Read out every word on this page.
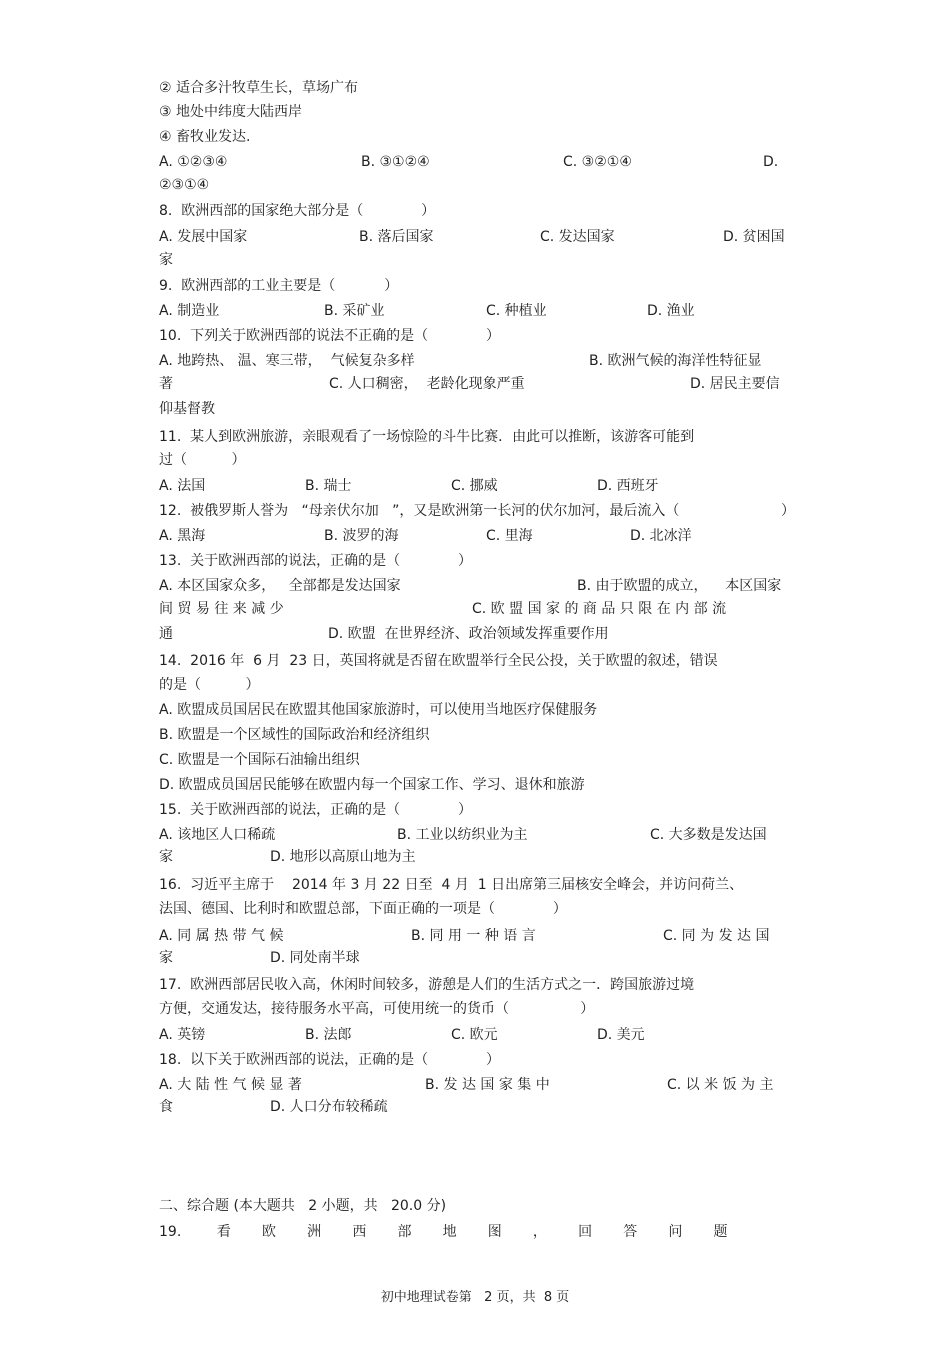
② 适合多汁牧草生长，草场广布
③ 地处中纬度大陆西岸
④ 畜牧业发达.

A. ①②③④

	B. ③①②④

	C. ③②①④

	D.

②③①④
8.  欧洲西部的国家绝大部分是（             ）

A. 发展中国家

	B. 落后国家

	C. 发达国家

	D. 贫困国

家
9.  欧洲西部的工业主要是（           ）

A. 制造业

	B. 采矿业

	C. 种植业

	D. 渔业

10.  下列关于欧洲西部的说法不正确的是（             ）

A. 地跨热、 温、寒三带，  气候复杂多样

	B. 欧洲气候的海洋性特征显

著

	C. 人口稠密，  老龄化现象严重

	D. 居民主要信

仰基督教
11.  某人到欧洲旅游，亲眼观看了一场惊险的斗牛比赛．由此可以推断，该游客可能到
过（          ）

A. 法国

	B. 瑞士

	C. 挪威

	D. 西班牙

12.  被俄罗斯人誉为   “母亲伏尔加   ”，又是欧洲第一长河的伏尔加河，最后流入（

	）

A. 黑海

	B. 波罗的海

	C. 里海

	D. 北冰洋

13.  关于欧洲西部的说法，正确的是（             ）

A. 本区国家众多，   全部都是发达国家

	B. 由于欧盟的成立，    本区国家

间 贸 易 往 来 减 少

	C. 欧 盟 国 家 的 商 品 只 限 在 内 部 流

通

	D. 欧盟  在世界经济、政治领域发挥重要作用

14.  2016 年  6 月  23 日，英国将就是否留在欧盟举行全民公投，关于欧盟的叙述，错误
的是（          ）
A. 欧盟成员国居民在欧盟其他国家旅游时，可以使用当地医疗保健服务
B. 欧盟是一个区域性的国际政治和经济组织
C. 欧盟是一个国际石油输出组织
D. 欧盟成员国居民能够在欧盟内每一个国家工作、学习、退休和旅游
15.  关于欧洲西部的说法，正确的是（             ）

A. 该地区人口稀疏

	B. 工业以纺织业为主

	C. 大多数是发达国

家

	D. 地形以高原山地为主

16.  习近平主席于    2014 年 3 月 22 日至  4 月  1 日出席第三届核安全峰会，并访问荷兰、
法国、德国、比利时和欧盟总部，下面正确的一项是（             ）

A. 同 属 热 带 气 候

	B. 同 用 一 种 语 言

	C. 同 为 发 达 国

家

	D. 同处南半球

17.  欧洲西部居民收入高，休闲时间较多，游憩是人们的生活方式之一．跨国旅游过境
方便，交通发达，接待服务水平高，可使用统一的货币（                ）

A. 英镑

	B. 法郎

	C. 欧元

	D. 美元

18.  以下关于欧洲西部的说法，正确的是（             ）

A. 大 陆 性 气 候 显 著

	B. 发 达 国 家 集 中

	C. 以 米 饭 为 主

食

	D. 人口分布较稀疏

二、综合题 (本大题共   2 小题，共   20.0 分)
19.        看       欧       洲       西       部       地       图       ，       回       答       问       题
初中地理试卷第   2 页，共  8 页
